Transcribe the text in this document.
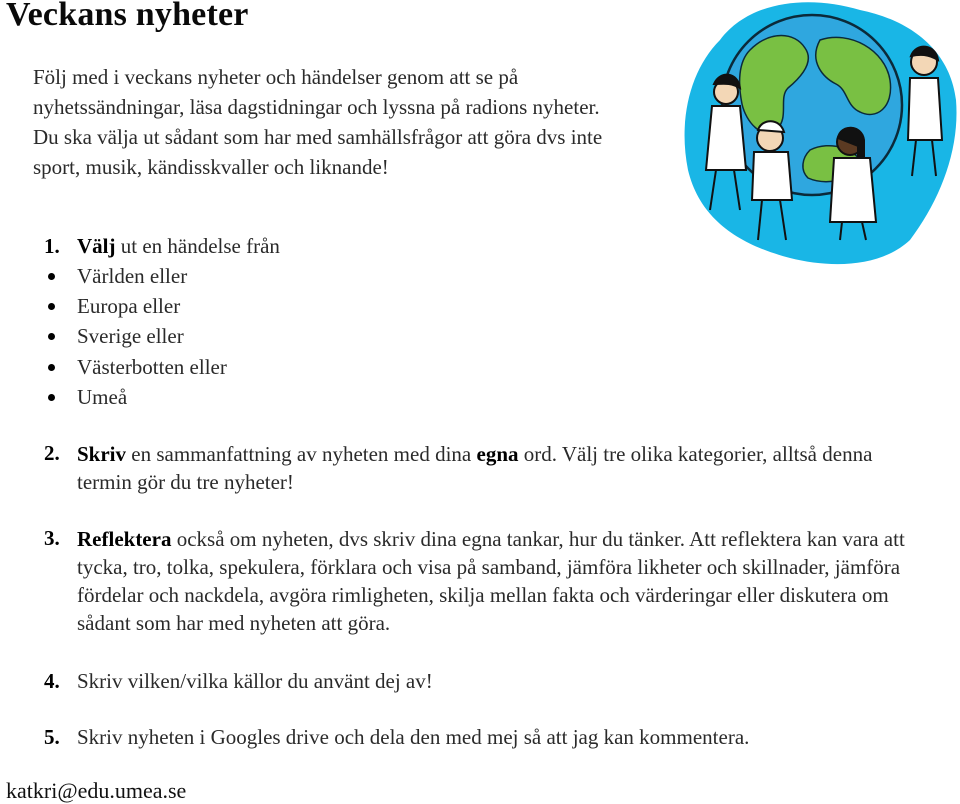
Veckans nyheter

Följ med i veckans nyheter och händelser genom att se på nyhetssändningar, läsa dagstidningar och lyssna på radions nyheter. Du ska välja ut sådant som har med samhällsfrågor att göra dvs inte sport, musik, kändisskvaller och liknande!

1. Välj ut en händelse från
Världen eller
Europa eller
Sverige eller
Västerbotten eller
Umeå
2. Skriv en sammanfattning av nyheten med dina egna ord. Välj tre olika kategorier, alltså denna termin gör du tre nyheter!

3. Reflektera också om nyheten, dvs skriv dina egna tankar, hur du tänker. Att reflektera kan vara att tycka, tro, tolka, spekulera, förklara och visa på samband, jämföra likheter och skillnader, jämföra fördelar och nackdela, avgöra rimligheten, skilja mellan fakta och värderingar eller diskutera om sådant som har med nyheten att göra.

4. Skriv vilken/vilka källor du använt dej av!
5. Skriv nyheten i Googles drive och dela den med mej så att jag kan kommentera.
katkri@edu.umea.se
